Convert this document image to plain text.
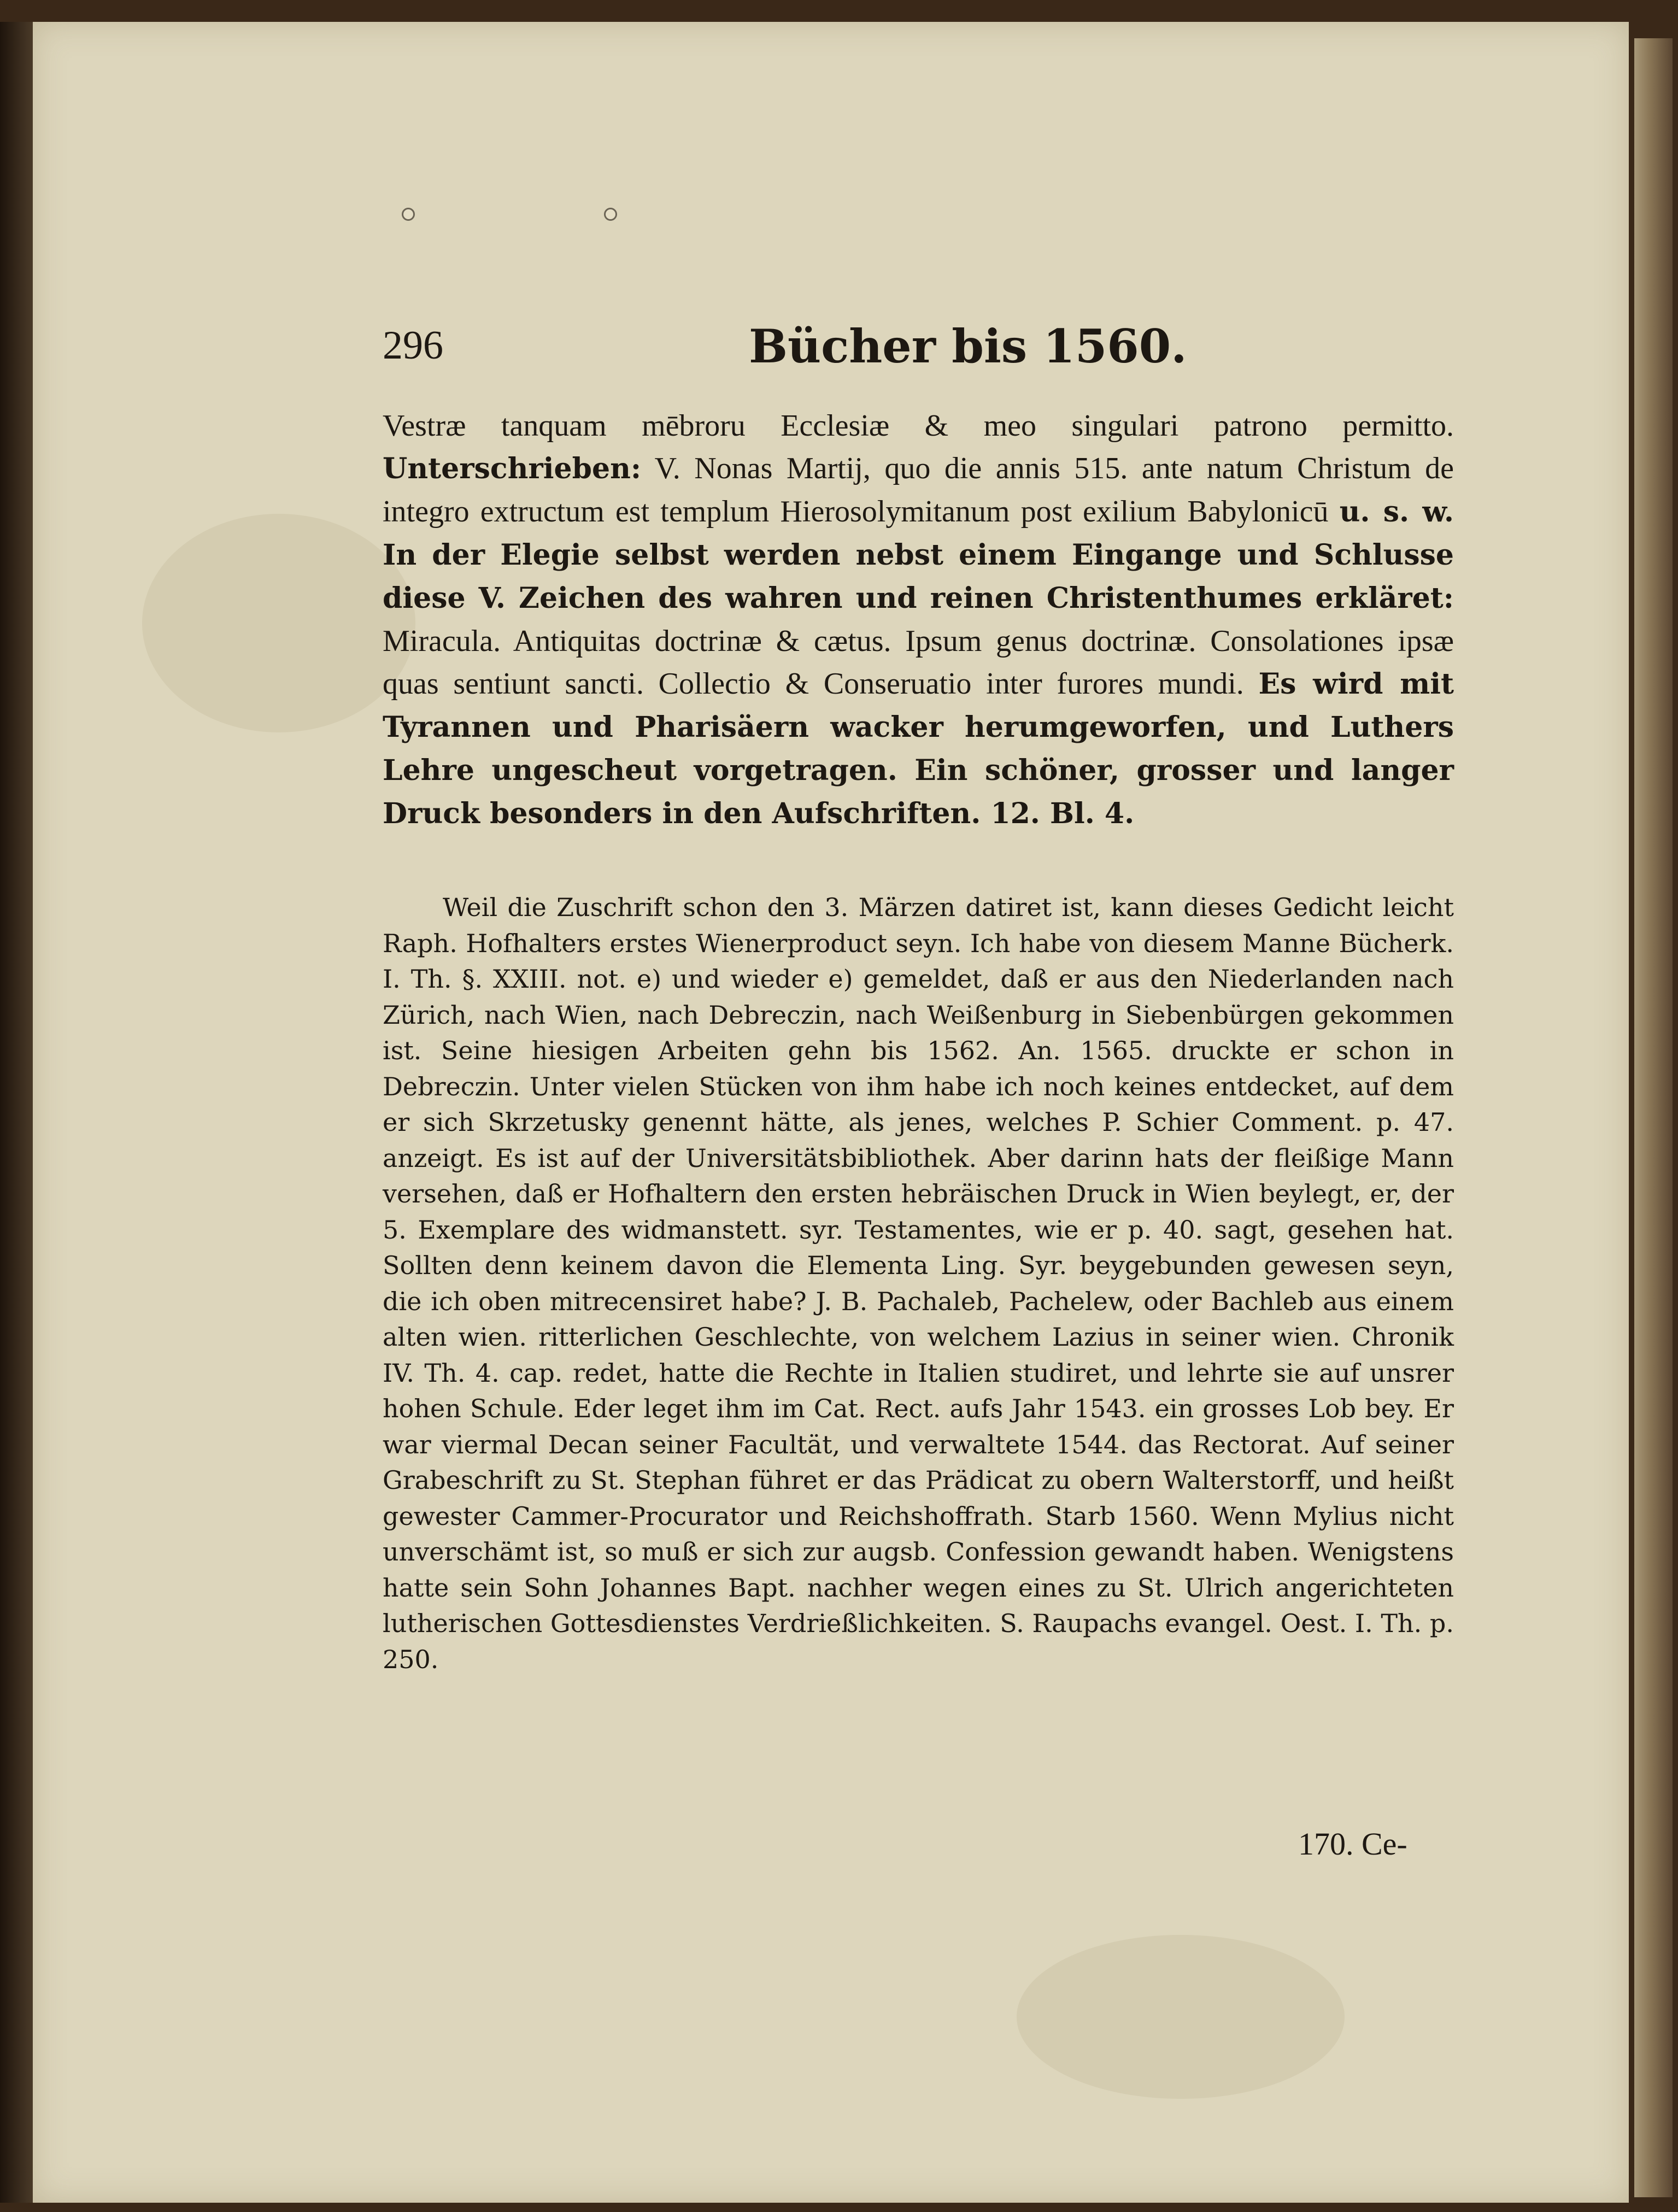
296	Bücher bis 1560.

Vestræ tanquam mēbroru Ecclesiæ & meo singulari patrono permitto. Unterschrieben: V. Nonas Martij, quo die annis 515. ante natum Christum de integro extructum est templum Hierosolymitanum post exilium Babylonicū u. s. w. In der Elegie selbst werden nebst einem Eingange und Schlusse diese V. Zeichen des wahren und reinen Christenthumes erkläret: Miracula. Antiquitas doctrinæ & cætus. Ipsum genus doctrinæ. Consolationes ipsæ quas sentiunt sancti. Collectio & Conseruatio inter furores mundi. Es wird mit Tyrannen und Pharisäern wacker herumgeworfen, und Luthers Lehre ungescheut vorgetragen. Ein schöner, grosser und langer Druck besonders in den Aufschriften. 12. Bl. 4.

Weil die Zuschrift schon den 3. Märzen datiret ist, kann dieses Gedicht leicht Raph. Hofhalters erstes Wienerproduct seyn. Ich habe von diesem Manne Bücherk. I. Th. §. XXIII. not. e) und wieder e) gemeldet, daß er aus den Niederlanden nach Zürich, nach Wien, nach Debreczin, nach Weißenburg in Siebenbürgen gekommen ist. Seine hiesigen Arbeiten gehn bis 1562. An. 1565. druckte er schon in Debreczin. Unter vielen Stücken von ihm habe ich noch keines entdecket, auf dem er sich Skrzetusky genennt hätte, als jenes, welches P. Schier Comment. p. 47. anzeigt. Es ist auf der Universitätsbibliothek. Aber darinn hats der fleißige Mann versehen, daß er Hofhaltern den ersten hebräischen Druck in Wien beylegt, er, der 5. Exemplare des widmanstett. syr. Testamentes, wie er p. 40. sagt, gesehen hat. Sollten denn keinem davon die Elementa Ling. Syr. beygebunden gewesen seyn, die ich oben mitrecensiret habe? J. B. Pachaleb, Pachelew, oder Bachleb aus einem alten wien. ritterlichen Geschlechte, von welchem Lazius in seiner wien. Chronik IV. Th. 4. cap. redet, hatte die Rechte in Italien studiret, und lehrte sie auf unsrer hohen Schule. Eder leget ihm im Cat. Rect. aufs Jahr 1543. ein grosses Lob bey. Er war viermal Decan seiner Facultät, und verwaltete 1544. das Rectorat. Auf seiner Grabeschrift zu St. Stephan führet er das Prädicat zu obern Walterstorff, und heißt gewester Cammer-Procurator und Reichshoffrath. Starb 1560. Wenn Mylius nicht unverschämt ist, so muß er sich zur augsb. Confession gewandt haben. Wenigstens hatte sein Sohn Johannes Bapt. nachher wegen eines zu St. Ulrich angerichteten lutherischen Gottesdienstes Verdrießlichkeiten. S. Raupachs evangel. Oest. I. Th. p. 250.

170. Ce-
